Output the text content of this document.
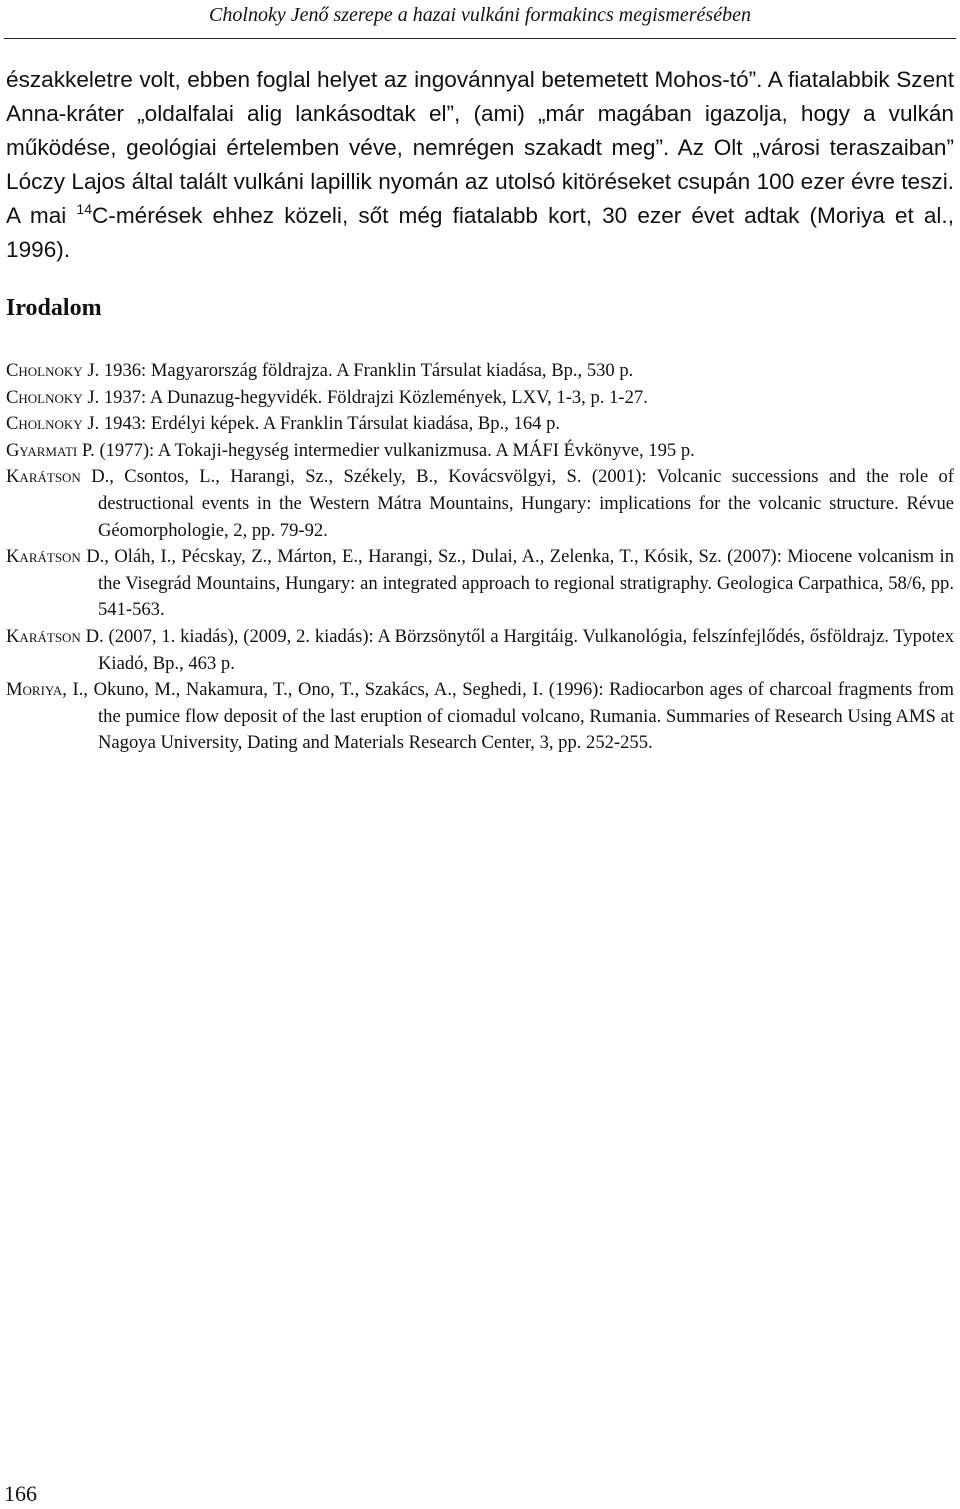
Cholnoky Jenő szerepe a hazai vulkáni formakincs megismerésében

északkeletre volt, ebben foglal helyet az ingovánnyal betemetett Mohos-tó”. A fiatalabbik Szent Anna-kráter „oldalfalai alig lankásodtak el”, (ami) „már magában igazolja, hogy a vulkán működése, geológiai értelemben véve, nemrégen szakadt meg”. Az Olt „városi teraszaiban” Lóczy Lajos által talált vulkáni lapillik nyomán az utolsó kitöréseket csupán 100 ezer évre teszi. A mai $^{14}$C-mérések ehhez közeli, sőt még fiatalabb kort, 30 ezer évet adtak (Moriya et al., 1996).

Irodalom
Cholnoky J. 1936: Magyarország földrajza. A Franklin Társulat kiadása, Bp., 530 p.
Cholnoky J. 1937: A Dunazug-hegyvidék. Földrajzi Közlemények, LXV, 1-3, p. 1-27.
Cholnoky J. 1943: Erdélyi képek. A Franklin Társulat kiadása, Bp., 164 p.
Gyarmati P. (1977): A Tokaji-hegység intermedier vulkanizmusa. A MÁFI Évkönyve, 195 p.
Karátson D., Csontos, L., Harangi, Sz., Székely, B., Kovácsvölgyi, S. (2001): Volcanic successions and the role of destructional events in the Western Mátra Mountains, Hungary: implications for the volcanic structure. Révue Géomorphologie, 2, pp. 79-92.
Karátson D., Oláh, I., Pécskay, Z., Márton, E., Harangi, Sz., Dulai, A., Zelenka, T., Kósik, Sz. (2007): Miocene volcanism in the Visegrád Mountains, Hungary: an integrated approach to regional stratigraphy. Geologica Carpathica, 58/6, pp. 541-563.
Karátson D. (2007, 1. kiadás), (2009, 2. kiadás): A Börzsönytől a Hargitáig. Vulkanológia, felszínfejlődés, ősföldrajz. Typotex Kiadó, Bp., 463 p.
Moriya, I., Okuno, M., Nakamura, T., Ono, T., Szakács, A., Seghedi, I. (1996): Radiocarbon ages of charcoal fragments from the pumice flow deposit of the last eruption of ciomadul volcano, Rumania. Summaries of Research Using AMS at Nagoya University, Dating and Materials Research Center, 3, pp. 252-255.
166
